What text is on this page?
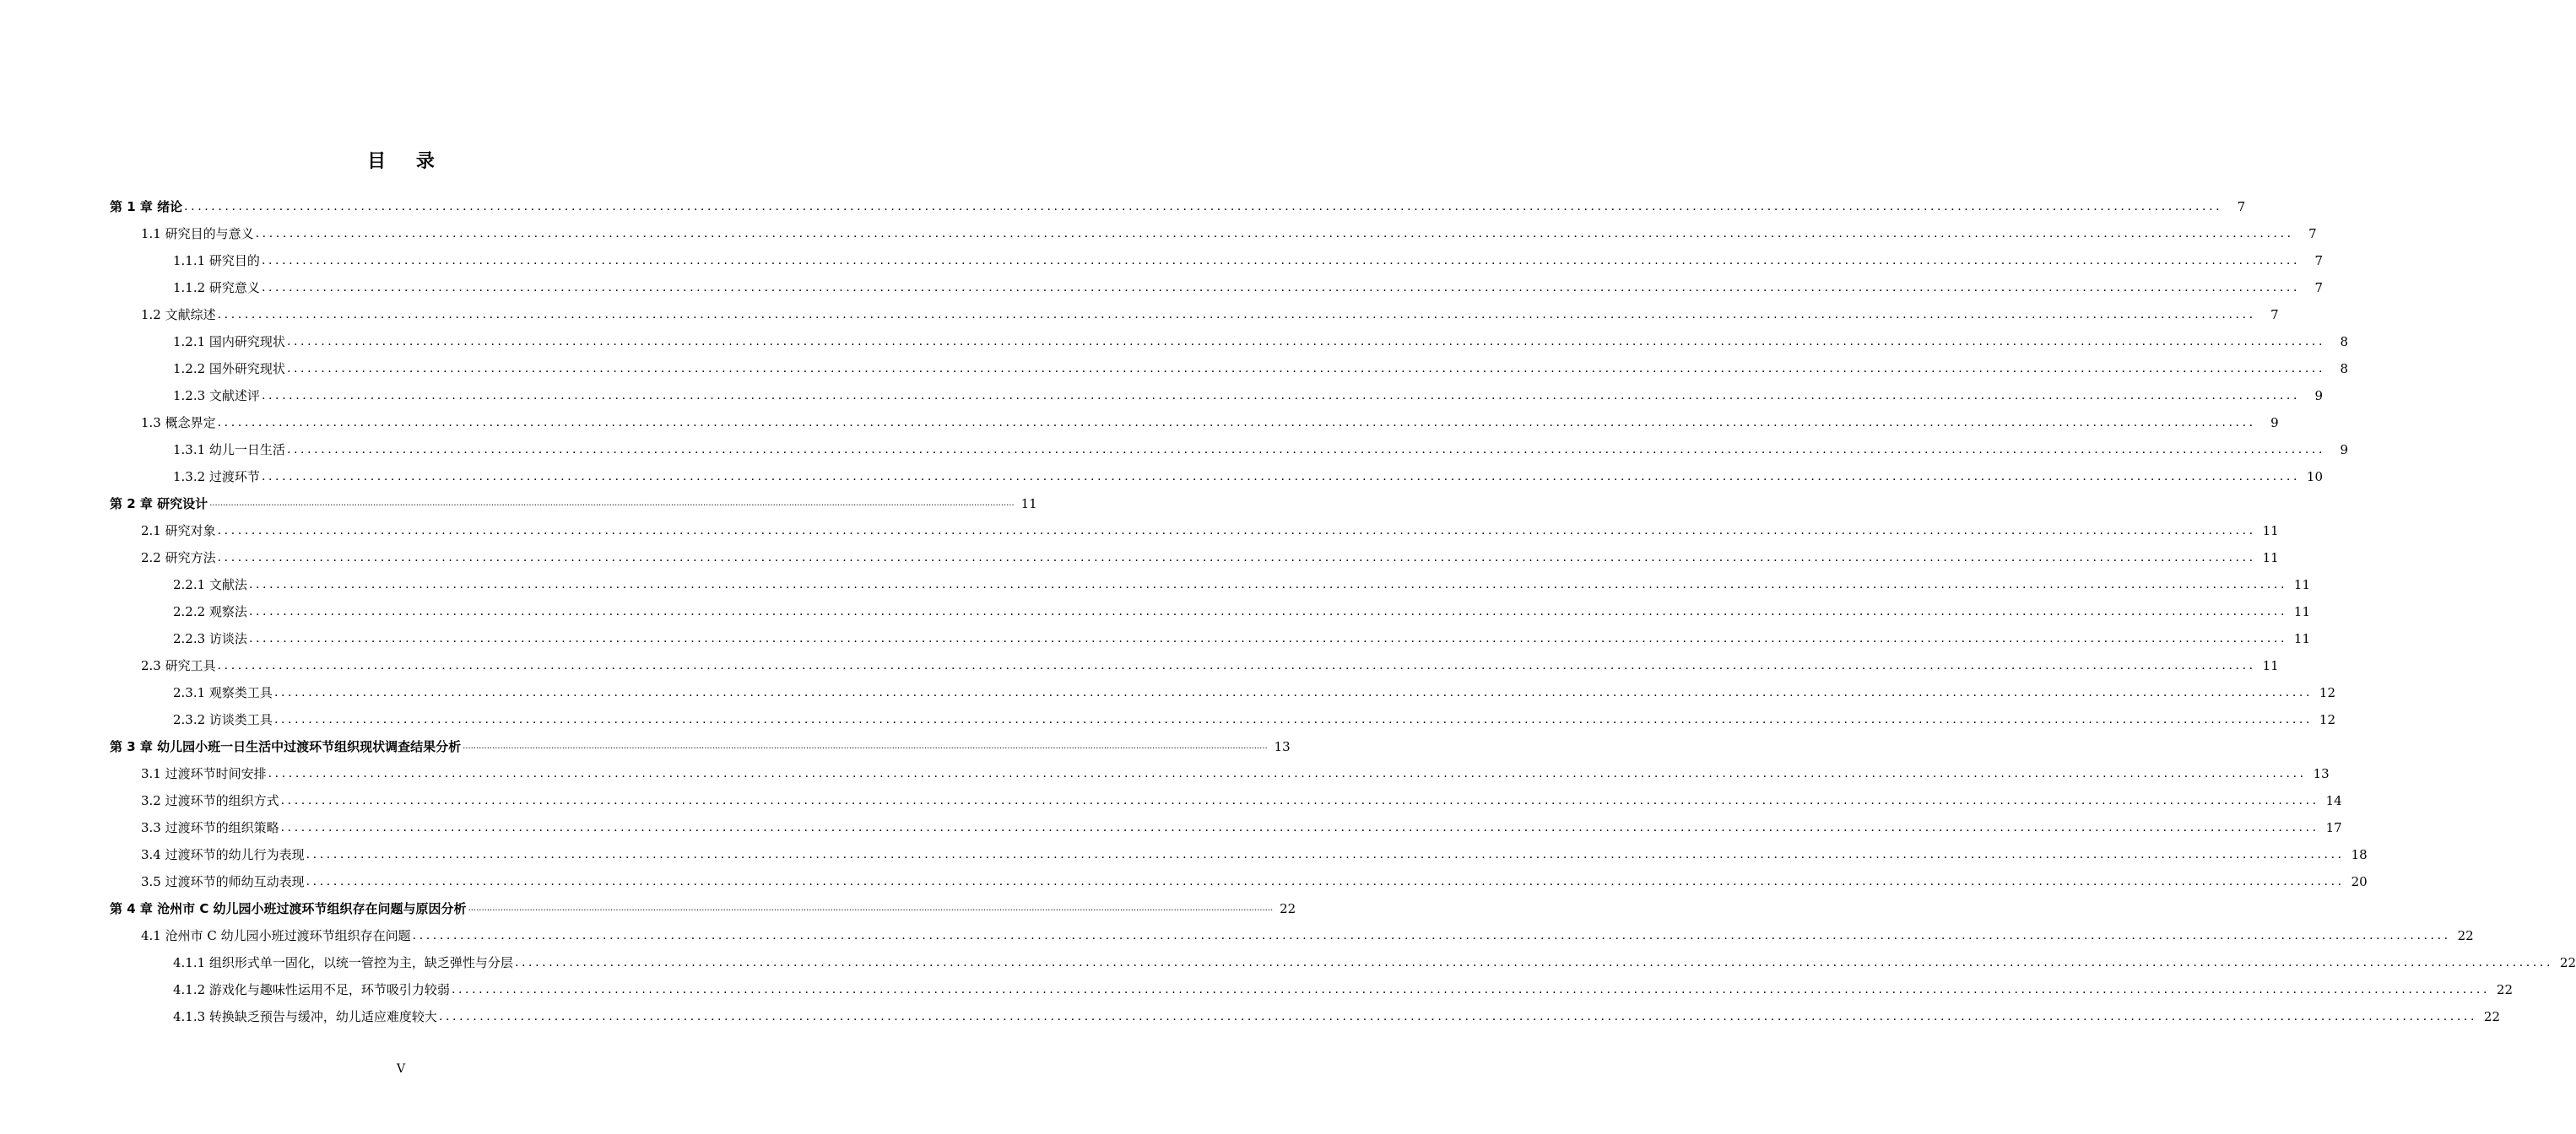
目 录
第 1 章 绪论 ............................................................................................................................................................................................................................................................................................................	7
1.1 研究目的与意义 ............................................................................................................................................................................................................................................................................................................	7
1.1.1 研究目的 ............................................................................................................................................................................................................................................................................................................	7
1.1.2 研究意义 ............................................................................................................................................................................................................................................................................................................	7
1.2 文献综述 ............................................................................................................................................................................................................................................................................................................	7
1.2.1 国内研究现状 ............................................................................................................................................................................................................................................................................................................	8
1.2.2 国外研究现状 ............................................................................................................................................................................................................................................................................................................	8
1.2.3 文献述评 ............................................................................................................................................................................................................................................................................................................	9
1.3 概念界定 ............................................................................................................................................................................................................................................................................................................	9
1.3.1 幼儿一日生活 ............................................................................................................................................................................................................................................................................................................	9
1.3.2 过渡环节 ............................................................................................................................................................................................................................................................................................................ 10
第 2 章 研究设计 ............................................................................................................................................................................................................................................................................................................ 11
2.1 研究对象 ............................................................................................................................................................................................................................................................................................................ 11
2.2 研究方法 ............................................................................................................................................................................................................................................................................................................ 11
2.2.1 文献法 ............................................................................................................................................................................................................................................................................................................ 11
2.2.2 观察法 ............................................................................................................................................................................................................................................................................................................ 11
2.2.3 访谈法 ............................................................................................................................................................................................................................................................................................................ 11
2.3 研究工具 ............................................................................................................................................................................................................................................................................................................ 11
2.3.1 观察类工具 ............................................................................................................................................................................................................................................................................................................ 12
2.3.2 访谈类工具 ............................................................................................................................................................................................................................................................................................................ 12
第 3 章 幼儿园小班一日生活中过渡环节组织现状调查结果分析 ............................................................................................................................................................................................................................................................................................................ 13
3.1 过渡环节时间安排 ............................................................................................................................................................................................................................................................................................................ 13
3.2 过渡环节的组织方式 ............................................................................................................................................................................................................................................................................................................ 14
3.3 过渡环节的组织策略 ............................................................................................................................................................................................................................................................................................................ 17
3.4 过渡环节的幼儿行为表现 ............................................................................................................................................................................................................................................................................................................ 18
3.5 过渡环节的师幼互动表现 ............................................................................................................................................................................................................................................................................................................ 20
第 4 章 沧州市 C 幼儿园小班过渡环节组织存在问题与原因分析 ............................................................................................................................................................................................................................................................................................................ 22
4.1 沧州市 C 幼儿园小班过渡环节组织存在问题 ............................................................................................................................................................................................................................................................................................................ 22
4.1.1 组织形式单一固化，以统一管控为主，缺乏弹性与分层 ............................................................................................................................................................................................................................................................................................................ 22
4.1.2 游戏化与趣味性运用不足，环节吸引力较弱 ............................................................................................................................................................................................................................................................................................................ 22
4.1.3 转换缺乏预告与缓冲，幼儿适应难度较大 ............................................................................................................................................................................................................................................................................................................ 22
V
